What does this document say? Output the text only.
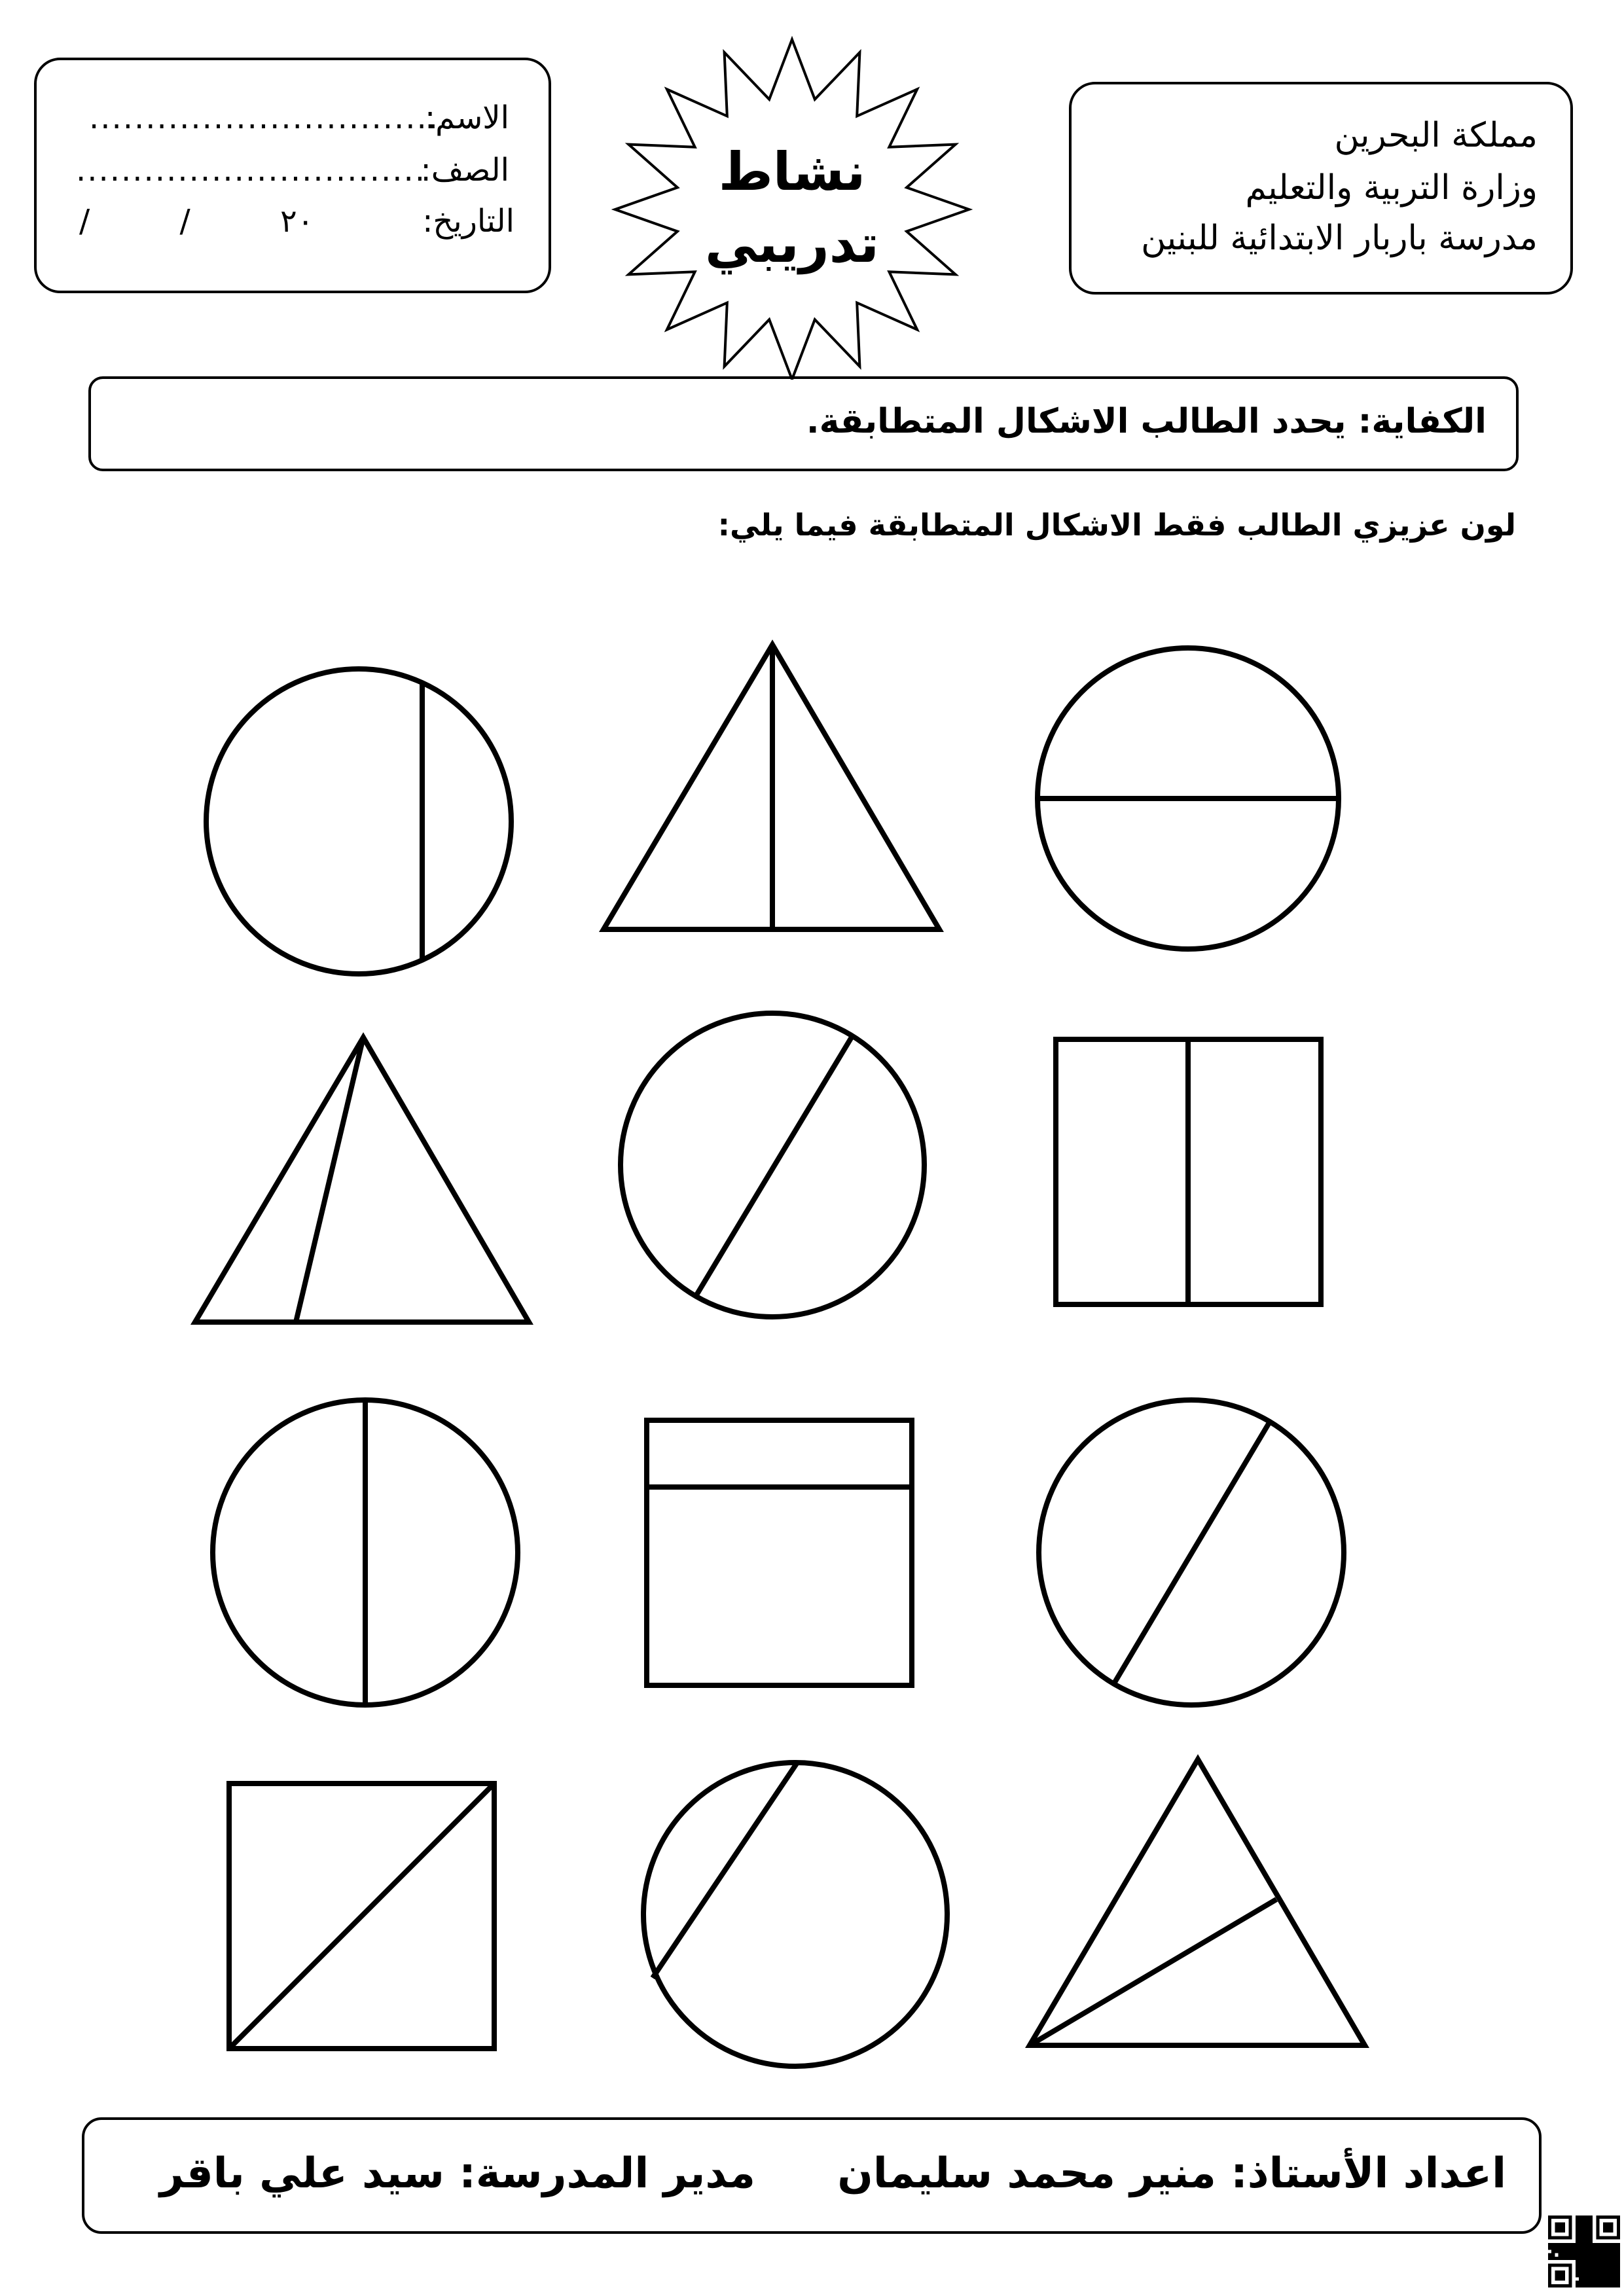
مملكة البحرين
وزارة التربية والتعليم
مدرسة باربار الابتدائية للبنين
نشاط
تدريبي
الاسم:
...............................
الصف:
...............................
التاريخ:
/         /         ٢٠
الكفاية: يحدد الطالب الاشكال المتطابقة.
لون عزيزي الطالب فقط الاشكال المتطابقة فيما يلي:
اعداد الأستاذ: منير محمد سليمان
مدير المدرسة: سيد علي باقر
